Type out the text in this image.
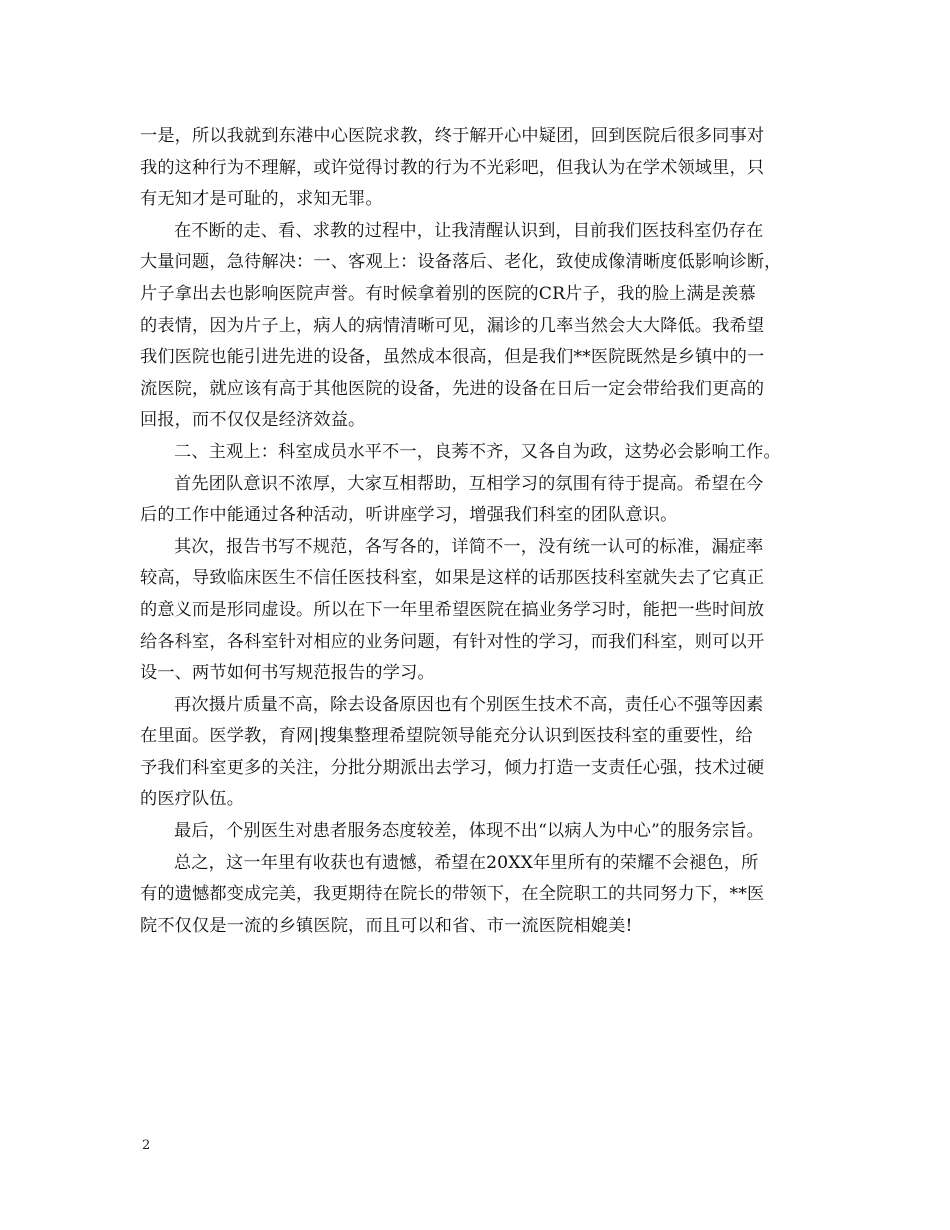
一是，所以我就到东港中心医院求教，终于解开心中疑团，回到医院后很多同事对
我的这种行为不理解，或许觉得讨教的行为不光彩吧，但我认为在学术领域里，只
有无知才是可耻的，求知无罪。

在不断的走、看、求教的过程中，让我清醒认识到，目前我们医技科室仍存在
大量问题，急待解决：一、客观上：设备落后、老化，致使成像清晰度低影响诊断，
片子拿出去也影响医院声誉。有时候拿着别的医院的CR片子，我的脸上满是羡慕
的表情，因为片子上，病人的病情清晰可见，漏诊的几率当然会大大降低。我希望
我们医院也能引进先进的设备，虽然成本很高，但是我们**医院既然是乡镇中的一
流医院，就应该有高于其他医院的设备，先进的设备在日后一定会带给我们更高的
回报，而不仅仅是经济效益。

二、主观上：科室成员水平不一，良莠不齐，又各自为政，这势必会影响工作。

首先团队意识不浓厚，大家互相帮助，互相学习的氛围有待于提高。希望在今
后的工作中能通过各种活动，听讲座学习，增强我们科室的团队意识。

其次，报告书写不规范，各写各的，详简不一，没有统一认可的标准，漏症率
较高，导致临床医生不信任医技科室，如果是这样的话那医技科室就失去了它真正
的意义而是形同虚设。所以在下一年里希望医院在搞业务学习时，能把一些时间放
给各科室，各科室针对相应的业务问题，有针对性的学习，而我们科室，则可以开
设一、两节如何书写规范报告的学习。

再次摄片质量不高，除去设备原因也有个别医生技术不高，责任心不强等因素
在里面。医学教，育网|搜集整理希望院领导能充分认识到医技科室的重要性，给
予我们科室更多的关注，分批分期派出去学习，倾力打造一支责任心强，技术过硬
的医疗队伍。

最后，个别医生对患者服务态度较差，体现不出“以病人为中心”的服务宗旨。

总之，这一年里有收获也有遗憾，希望在20XX年里所有的荣耀不会褪色，所
有的遗憾都变成完美，我更期待在院长的带领下，在全院职工的共同努力下，**医
院不仅仅是一流的乡镇医院，而且可以和省、市一流医院相媲美!

2
